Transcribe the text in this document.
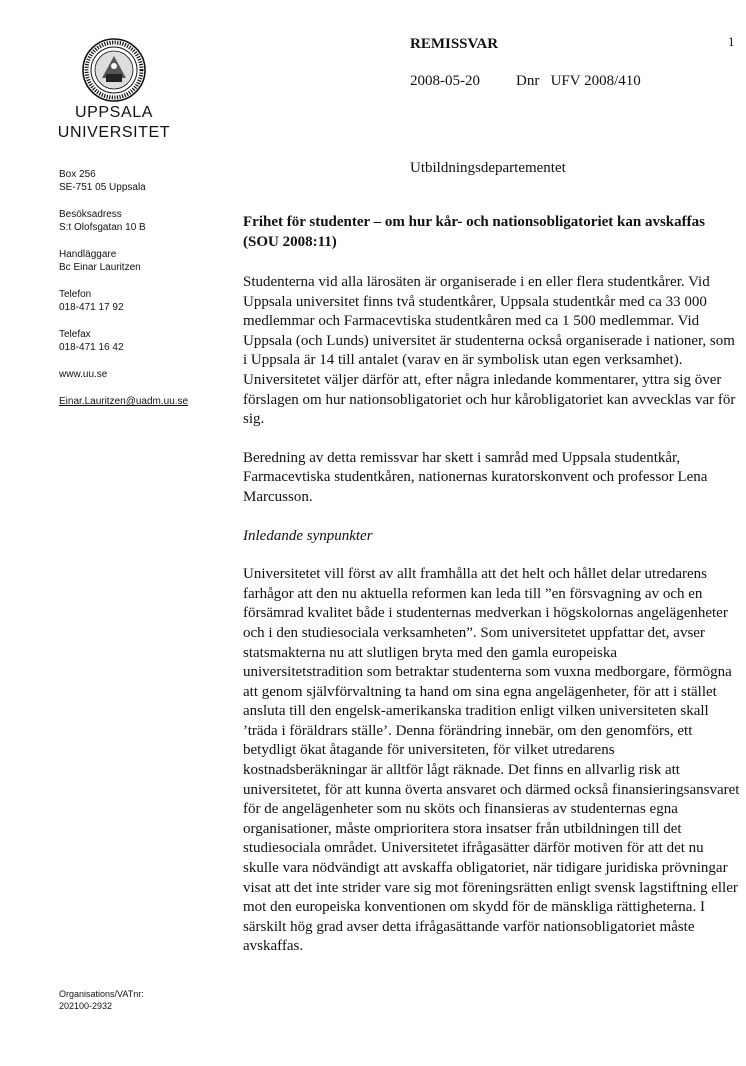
UPPSALA
UNIVERSITET
Box 256
SE-751 05 Uppsala
Besöksadress
S:t Olofsgatan 10 B
Handläggare
Bc Einar Lauritzen
Telefon
018-471 17 92
Telefax
018-471 16 42
www.uu.se
Einar.Lauritzen@uadm.uu.se
Organisations/VATnr:
202100-2932
REMISSVAR	1
2008-05-20 Dnr   UFV 2008/410
Utbildningsdepartementet
Frihet för studenter – om hur kår- och nationsobligatoriet kan avskaffas (SOU 2008:11)

Studenterna vid alla lärosäten är organiserade i en eller flera studentkårer. Vid Uppsala universitet finns två studentkårer, Uppsala studentkår med ca 33 000 medlemmar och Farmacevtiska studentkåren med ca 1 500 medlemmar. Vid Uppsala (och Lunds) universitet är studenterna också organiserade i nationer, som i Uppsala är 14 till antalet (varav en är symbolisk utan egen verksamhet). Universitetet väljer därför att, efter några inledande kommentarer, yttra sig över förslagen om hur nationsobligatoriet och hur kårobligatoriet kan avvecklas var för sig.

Beredning av detta remissvar har skett i samråd med Uppsala studentkår, Farmacevtiska studentkåren, nationernas kuratorskonvent och professor Lena Marcusson.

Inledande synpunkter

Universitetet vill först av allt framhålla att det helt och hållet delar utredarens farhågor att den nu aktuella reformen kan leda till ”en försvagning av och en försämrad kvalitet både i studenternas medverkan i högskolornas angelägenheter och i den studiesociala verksamheten”. Som universitetet uppfattar det, avser statsmakterna nu att slutligen bryta med den gamla europeiska universitetstradition som betraktar studenterna som vuxna medborgare, förmögna att genom självförvaltning ta hand om sina egna angelägenheter, för att i stället ansluta till den engelsk-amerikanska tradition enligt vilken universiteten skall ’träda i föräldrars ställe’. Denna förändring innebär, om den genomförs, ett betydligt ökat åtagande för universiteten, för vilket utredarens kostnadsberäkningar är alltför lågt räknade. Det finns en allvarlig risk att universitetet, för att kunna överta ansvaret och därmed också finansieringsansvaret för de angelägenheter som nu sköts och finansieras av studenternas egna organisationer, måste omprioritera stora insatser från utbildningen till det studiesociala området. Universitetet ifrågasätter därför motiven för att det nu skulle vara nödvändigt att avskaffa obligatoriet, när tidigare juridiska prövningar visat att det inte strider vare sig mot föreningsrätten enligt svensk lagstiftning eller mot den europeiska konventionen om skydd för de mänskliga rättigheterna. I särskilt hög grad avser detta ifrågasättande varför nationsobligatoriet måste avskaffas.
